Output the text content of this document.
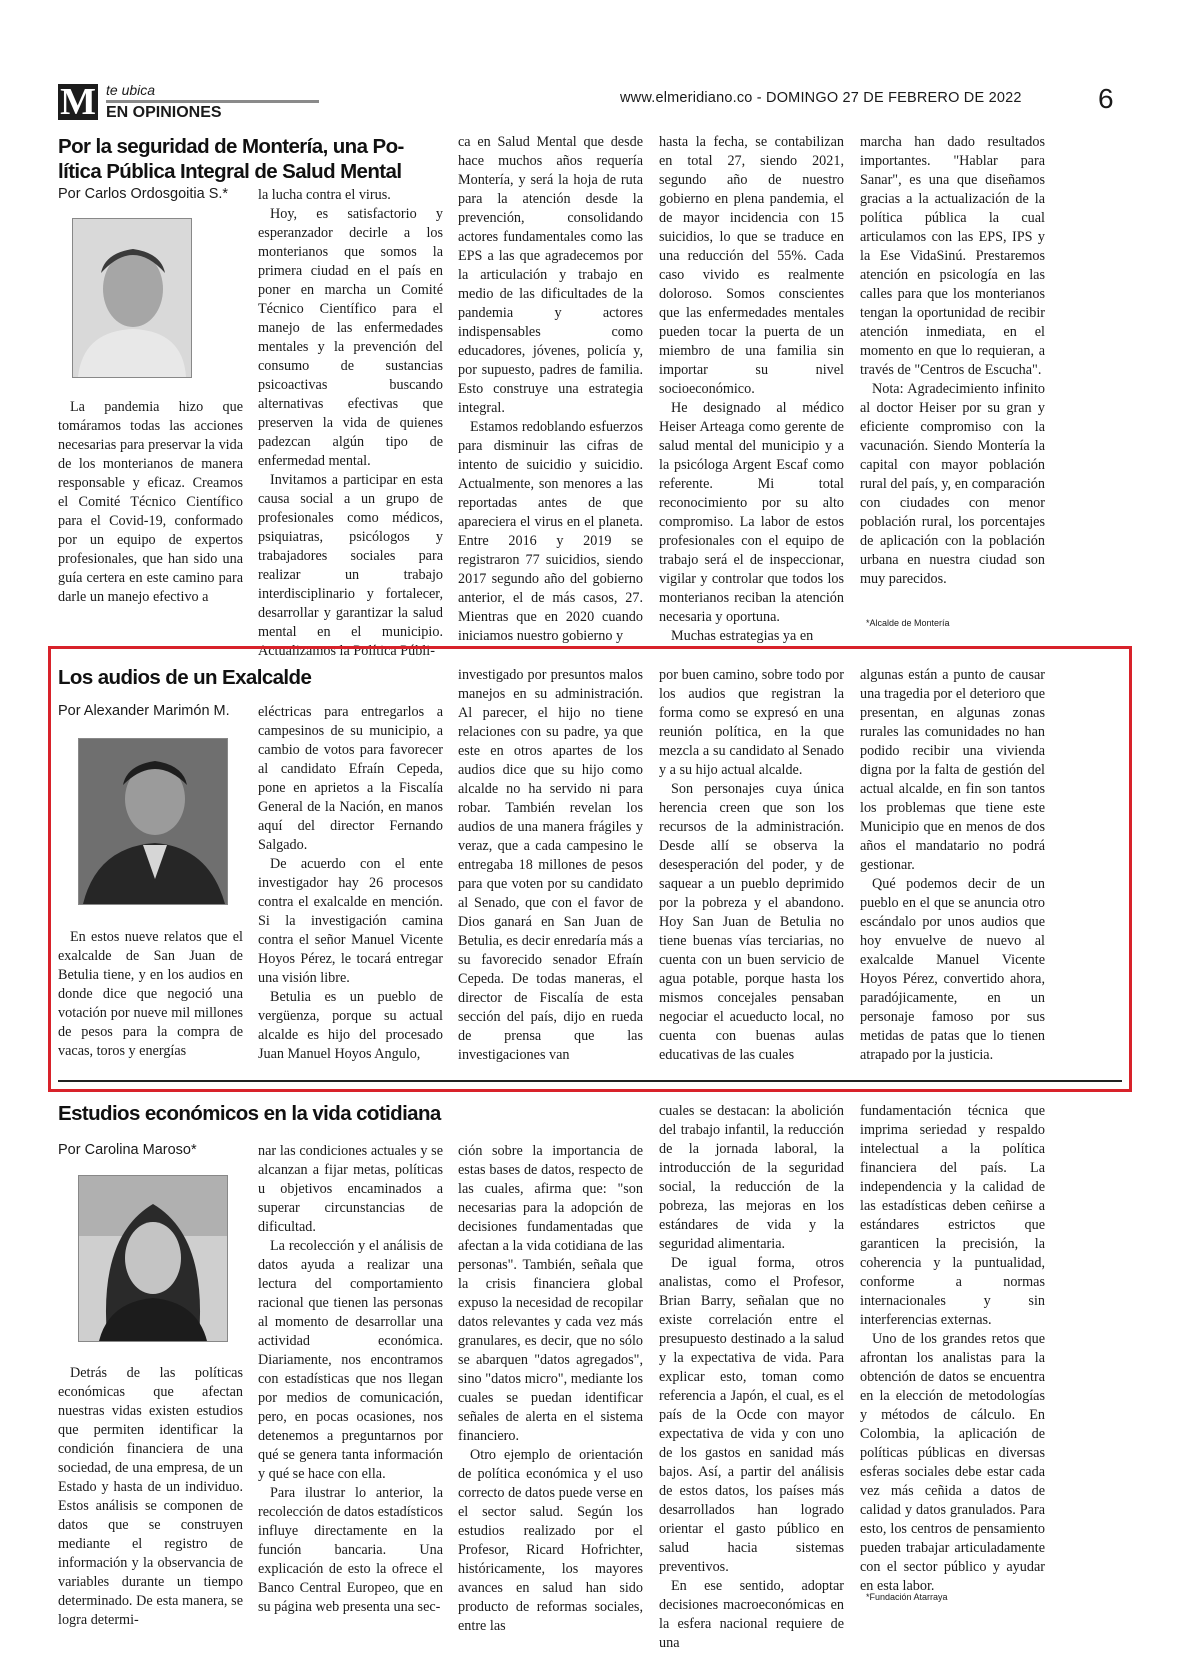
M te ubica
EN OPINIONES
www.elmeridiano.co - DOMINGO 27 DE FEBRERO DE 2022	6
Por la seguridad de Montería, una Po-
lítica Pública Integral de Salud Mental
Por Carlos Ordosgoitia S.*

La pandemia hizo que tomáramos todas las acciones necesarias para preservar la vida de los monterianos de manera responsable y eficaz. Creamos el Comité Técnico Científico para el Covid-19, conformado por un equipo de expertos profesionales, que han sido una guía certera en este camino para darle un manejo efectivo a

la lucha contra el virus.

Hoy, es satisfactorio y esperanzador decirle a los monterianos que somos la primera ciudad en el país en poner en marcha un Comité Técnico Científico para el manejo de las enfermedades mentales y la prevención del consumo de sustancias psicoactivas buscando alternativas efectivas que preserven la vida de quienes padezcan algún tipo de enfermedad mental.

Invitamos a participar en esta causa social a un grupo de profesionales como médicos, psiquiatras, psicólogos y trabajadores sociales para realizar un trabajo interdisciplinario y fortalecer, desarrollar y garantizar la salud mental en el municipio. Actualizamos la Política Públi-

ca en Salud Mental que desde hace muchos años requería Montería, y será la hoja de ruta para la atención desde la prevención, consolidando actores fundamentales como las EPS a las que agradecemos por la articulación y trabajo en medio de las dificultades de la pandemia y actores indispensables como educadores, jóvenes, policía y, por supuesto, padres de familia. Esto construye una estrategia integral.

Estamos redoblando esfuerzos para disminuir las cifras de intento de suicidio y suicidio. Actualmente, son menores a las reportadas antes de que apareciera el virus en el planeta. Entre 2016 y 2019 se registraron 77 suicidios, siendo 2017 segundo año del gobierno anterior, el de más casos, 27. Mientras que en 2020 cuando iniciamos nuestro gobierno y

hasta la fecha, se contabilizan en total 27, siendo 2021, segundo año de nuestro gobierno en plena pandemia, el de mayor incidencia con 15 suicidios, lo que se traduce en una reducción del 55%. Cada caso vivido es realmente doloroso. Somos conscientes que las enfermedades mentales pueden tocar la puerta de un miembro de una familia sin importar su nivel socioeconómico.

He designado al médico Heiser Arteaga como gerente de salud mental del municipio y a la psicóloga Argent Escaf como referente. Mi total reconocimiento por su alto compromiso. La labor de estos profesionales con el equipo de trabajo será el de inspeccionar, vigilar y controlar que todos los monterianos reciban la atención necesaria y oportuna.

Muchas estrategias ya en

marcha han dado resultados importantes. "Hablar para Sanar", es una que diseñamos gracias a la actualización de la política pública la cual articulamos con las EPS, IPS y la Ese VidaSinú. Prestaremos atención en psicología en las calles para que los monterianos tengan la oportunidad de recibir atención inmediata, en el momento en que lo requieran, a través de "Centros de Escucha".

Nota: Agradecimiento infinito al doctor Heiser por su gran y eficiente compromiso con la vacunación. Siendo Montería la capital con mayor población rural del país, y, en comparación con ciudades con menor población rural, los porcentajes de aplicación con la población urbana en nuestra ciudad son muy parecidos.

*Alcalde de Montería
Los audios de un Exalcalde
Por Alexander Marimón M.

En estos nueve relatos que el exalcalde de San Juan de Betulia tiene, y en los audios en donde dice que negoció una votación por nueve mil millones de pesos para la compra de vacas, toros y energías

eléctricas para entregarlos a campesinos de su municipio, a cambio de votos para favorecer al candidato Efraín Cepeda, pone en aprietos a la Fiscalía General de la Nación, en manos aquí del director Fernando Salgado.

De acuerdo con el ente investigador hay 26 procesos contra el exalcalde en mención. Si la investigación camina contra el señor Manuel Vicente Hoyos Pérez, le tocará entregar una visión libre.

Betulia es un pueblo de vergüenza, porque su actual alcalde es hijo del procesado Juan Manuel Hoyos Angulo,

investigado por presuntos malos manejos en su administración. Al parecer, el hijo no tiene relaciones con su padre, ya que este en otros apartes de los audios dice que su hijo como alcalde no ha servido ni para robar. También revelan los audios de una manera frágiles y veraz, que a cada campesino le entregaba 18 millones de pesos para que voten por su candidato al Senado, que con el favor de Dios ganará en San Juan de Betulia, es decir enredaría más a su favorecido senador Efraín Cepeda. De todas maneras, el director de Fiscalía de esta sección del país, dijo en rueda de prensa que las investigaciones van

por buen camino, sobre todo por los audios que registran la forma como se expresó en una reunión política, en la que mezcla a su candidato al Senado y a su hijo actual alcalde.

Son personajes cuya única herencia creen que son los recursos de la administración. Desde allí se observa la desesperación del poder, y de saquear a un pueblo deprimido por la pobreza y el abandono. Hoy San Juan de Betulia no tiene buenas vías terciarias, no cuenta con un buen servicio de agua potable, porque hasta los mismos concejales pensaban negociar el acueducto local, no cuenta con buenas aulas educativas de las cuales

algunas están a punto de causar una tragedia por el deterioro que presentan, en algunas zonas rurales las comunidades no han podido recibir una vivienda digna por la falta de gestión del actual alcalde, en fin son tantos los problemas que tiene este Municipio que en menos de dos años el mandatario no podrá gestionar.

Qué podemos decir de un pueblo en el que se anuncia otro escándalo por unos audios que hoy envuelve de nuevo al exalcalde Manuel Vicente Hoyos Pérez, convertido ahora, paradójicamente, en un personaje famoso por sus metidas de patas que lo tienen atrapado por la justicia.

Estudios económicos en la vida cotidiana
Por Carolina Maroso*

Detrás de las políticas económicas que afectan nuestras vidas existen estudios que permiten identificar la condición financiera de una sociedad, de una empresa, de un Estado y hasta de un individuo. Estos análisis se componen de datos que se construyen mediante el registro de información y la observancia de variables durante un tiempo determinado. De esta manera, se logra determi-

nar las condiciones actuales y se alcanzan a fijar metas, políticas u objetivos encaminados a superar circunstancias de dificultad.

La recolección y el análisis de datos ayuda a realizar una lectura del comportamiento racional que tienen las personas al momento de desarrollar una actividad económica. Diariamente, nos encontramos con estadísticas que nos llegan por medios de comunicación, pero, en pocas ocasiones, nos detenemos a preguntarnos por qué se genera tanta información y qué se hace con ella.

Para ilustrar lo anterior, la recolección de datos estadísticos influye directamente en la función bancaria. Una explicación de esto la ofrece el Banco Central Europeo, que en su página web presenta una sec-

ción sobre la importancia de estas bases de datos, respecto de las cuales, afirma que: "son necesarias para la adopción de decisiones fundamentadas que afectan a la vida cotidiana de las personas". También, señala que la crisis financiera global expuso la necesidad de recopilar datos relevantes y cada vez más granulares, es decir, que no sólo se abarquen "datos agregados", sino "datos micro", mediante los cuales se puedan identificar señales de alerta en el sistema financiero.

Otro ejemplo de orientación de política económica y el uso correcto de datos puede verse en el sector salud. Según los estudios realizado por el Profesor, Ricard Hofrichter, históricamente, los mayores avances en salud han sido producto de reformas sociales, entre las

cuales se destacan: la abolición del trabajo infantil, la reducción de la jornada laboral, la introducción de la seguridad social, la reducción de la pobreza, las mejoras en los estándares de vida y la seguridad alimentaria.

De igual forma, otros analistas, como el Profesor, Brian Barry, señalan que no existe correlación entre el presupuesto destinado a la salud y la expectativa de vida. Para explicar esto, toman como referencia a Japón, el cual, es el país de la Ocde con mayor expectativa de vida y con uno de los gastos en sanidad más bajos. Así, a partir del análisis de estos datos, los países más desarrollados han logrado orientar el gasto público en salud hacia sistemas preventivos.

En ese sentido, adoptar decisiones macroeconómicas en la esfera nacional requiere de una

fundamentación técnica que imprima seriedad y respaldo intelectual a la política financiera del país. La independencia y la calidad de las estadísticas deben ceñirse a estándares estrictos que garanticen la precisión, la coherencia y la puntualidad, conforme a normas internacionales y sin interferencias externas.

Uno de los grandes retos que afrontan los analistas para la obtención de datos se encuentra en la elección de metodologías y métodos de cálculo. En Colombia, la aplicación de políticas públicas en diversas esferas sociales debe estar cada vez más ceñida a datos de calidad y datos granulados. Para esto, los centros de pensamiento pueden trabajar articuladamente con el sector público y ayudar en esta labor.

*Fundación Atarraya
